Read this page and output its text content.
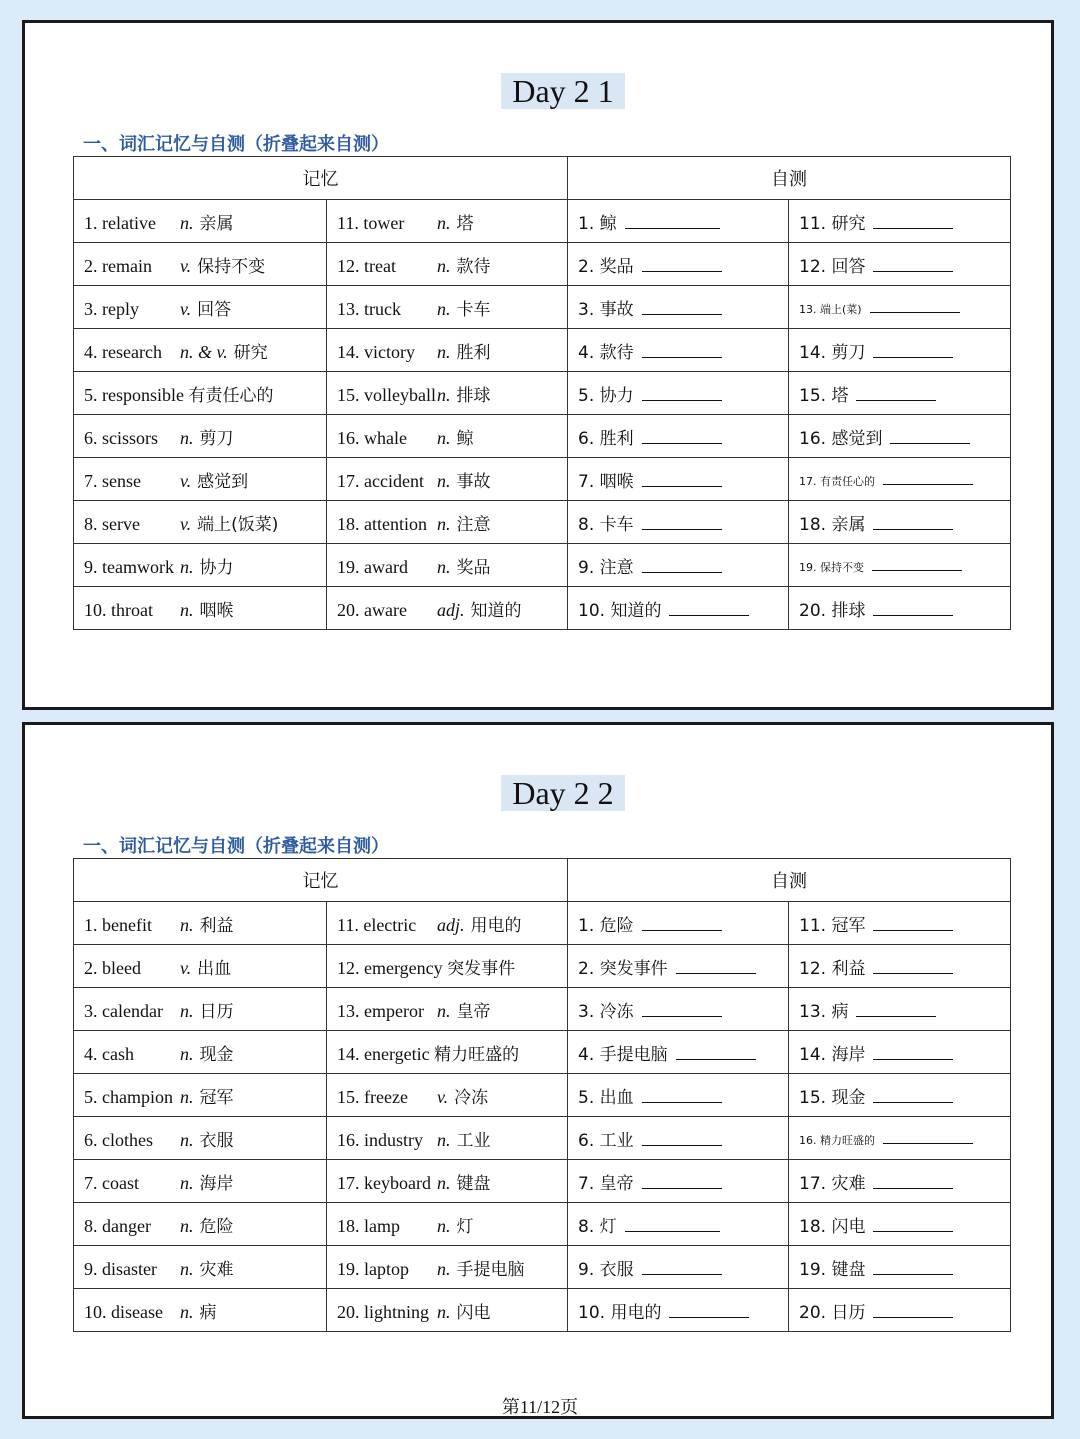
Day 2 1
一、词汇记忆与自测（折叠起来自测）
记忆		自测	
1. relative n. 亲属	11. tower n. 塔	1. 鲸	11. 研究
2. remain v. 保持不变	12. treat n. 款待	2. 奖品	12. 回答
3. reply v. 回答	13. truck n. 卡车	3. 事故	13. 端上(菜)
4. research n. & v. 研究	14. victory n. 胜利	4. 款待	14. 剪刀
5. responsible 有责任心的	15. volleyballn. 排球	5. 协力	15. 塔
6. scissors n. 剪刀	16. whale n. 鲸	6. 胜利	16. 感觉到
7. sense v. 感觉到	17. accident n. 事故	7. 咽喉	17. 有责任心的
8. serve v. 端上(饭菜)	18. attention n. 注意	8. 卡车	18. 亲属
9. teamwork n. 协力	19. award n. 奖品	9. 注意	19. 保持不变
10. throat n. 咽喉	20. aware adj. 知道的	10. 知道的	20. 排球
Day 2 2
一、词汇记忆与自测（折叠起来自测）
记忆		自测	
1. benefit n. 利益	11. electric adj. 用电的	1. 危险	11. 冠军
2. bleed v. 出血	12. emergency 突发事件	2. 突发事件	12. 利益
3. calendar n. 日历	13. emperor n. 皇帝	3. 冷冻	13. 病
4. cash n. 现金	14. energetic 精力旺盛的	4. 手提电脑	14. 海岸
5. champion n. 冠军	15. freeze v. 冷冻	5. 出血	15. 现金
6. clothes n. 衣服	16. industry n. 工业	6. 工业	16. 精力旺盛的
7. coast n. 海岸	17. keyboard n. 键盘	7. 皇帝	17. 灾难
8. danger n. 危险	18. lamp n. 灯	8. 灯	18. 闪电
9. disaster n. 灾难	19. laptop n. 手提电脑	9. 衣服	19. 键盘
10. disease n. 病	20. lightning n. 闪电	10. 用电的	20. 日历
第11/12页
